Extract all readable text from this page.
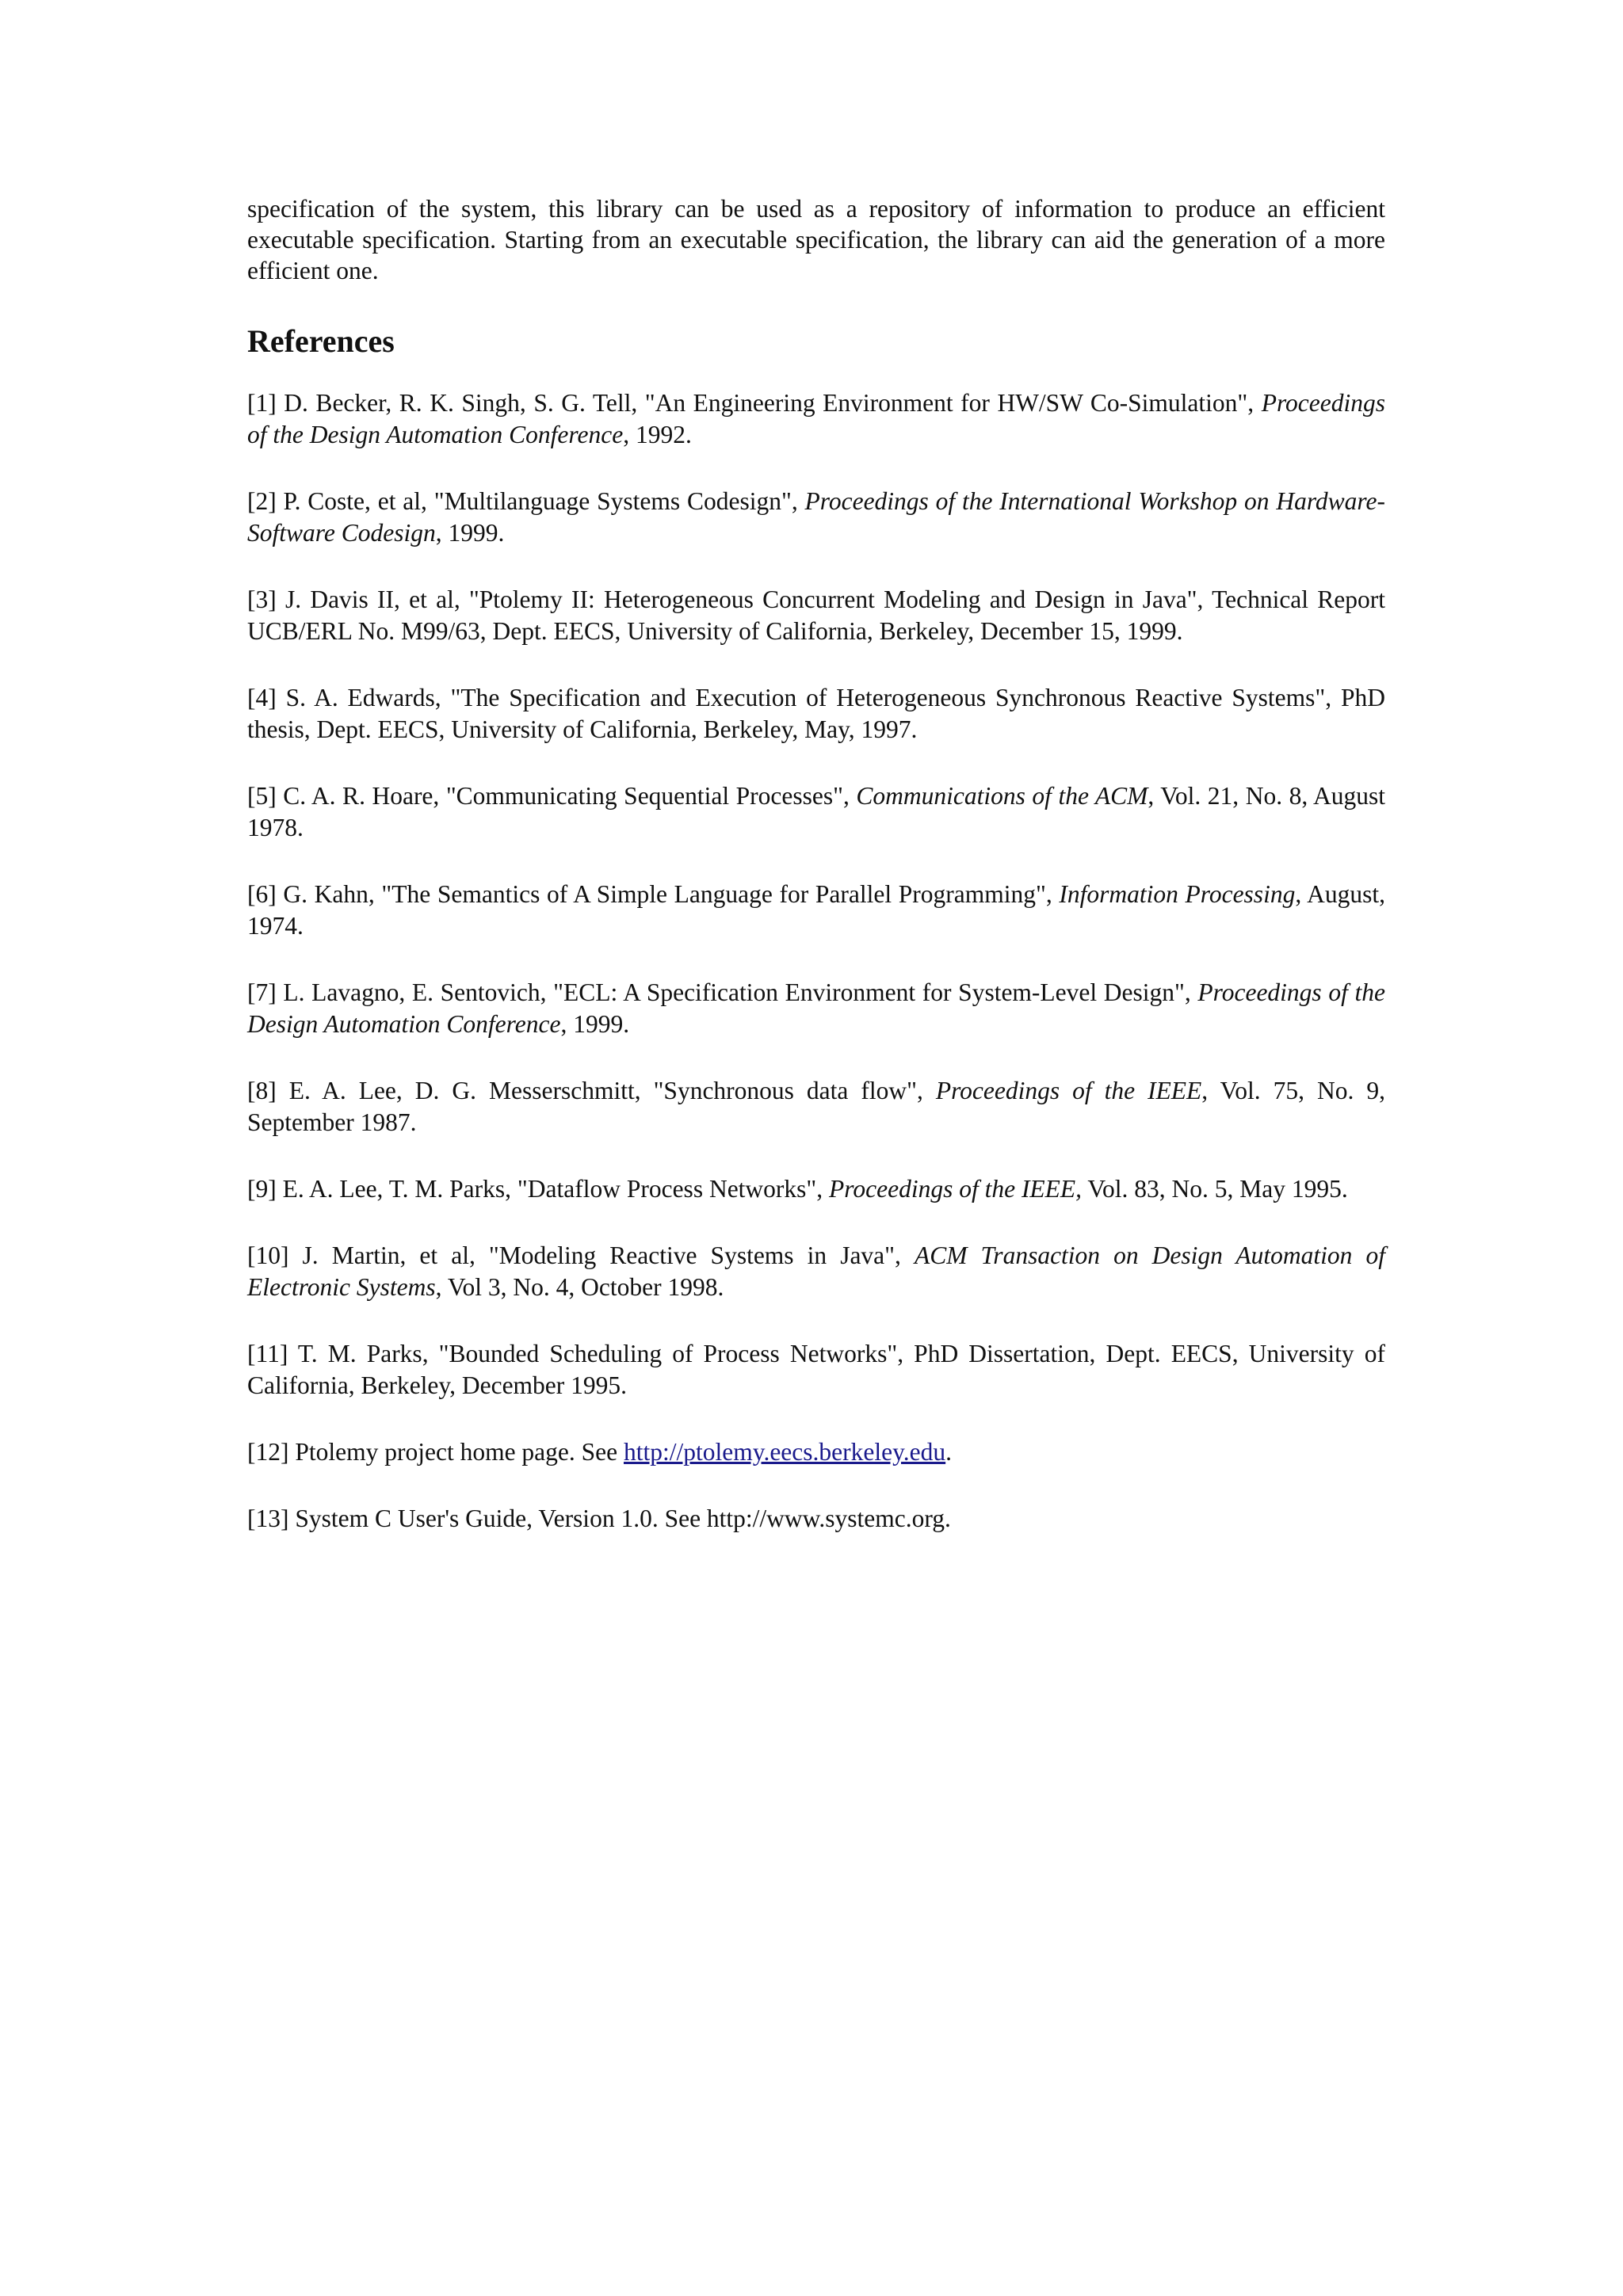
specification of the system, this library can be used as a repository of information to produce an efficient executable specification. Starting from an executable specification, the library can aid the generation of a more efficient one.

References
[1] D. Becker, R. K. Singh, S. G. Tell, "An Engineering Environment for HW/SW Co-Simulation", Proceedings of the Design Automation Conference, 1992.
[2] P. Coste, et al, "Multilanguage Systems Codesign", Proceedings of the International Workshop on Hardware-Software Codesign, 1999.
[3] J. Davis II, et al, "Ptolemy II: Heterogeneous Concurrent Modeling and Design in Java", Technical Report UCB/ERL No. M99/63, Dept. EECS, University of California, Berkeley, December 15, 1999.
[4] S. A. Edwards, "The Specification and Execution of Heterogeneous Synchronous Reactive Systems", PhD thesis, Dept. EECS, University of California, Berkeley, May, 1997.
[5] C. A. R. Hoare, "Communicating Sequential Processes", Communications of the ACM, Vol. 21, No. 8, August 1978.
[6] G. Kahn, "The Semantics of A Simple Language for Parallel Programming", Information Processing, August, 1974.
[7] L. Lavagno, E. Sentovich, "ECL: A Specification Environment for System-Level Design", Proceedings of the Design Automation Conference, 1999.
[8] E. A. Lee, D. G. Messerschmitt, "Synchronous data flow", Proceedings of the IEEE, Vol. 75, No. 9, September 1987.
[9] E. A. Lee, T. M. Parks, "Dataflow Process Networks", Proceedings of the IEEE, Vol. 83, No. 5, May 1995.
[10] J. Martin, et al, "Modeling Reactive Systems in Java", ACM Transaction on Design Automation of Electronic Systems, Vol 3, No. 4, October 1998.
[11] T. M. Parks, "Bounded Scheduling of Process Networks", PhD Dissertation, Dept. EECS, University of California, Berkeley, December 1995.
[12] Ptolemy project home page. See http://ptolemy.eecs.berkeley.edu.
[13] System C User's Guide, Version 1.0. See http://www.systemc.org.
